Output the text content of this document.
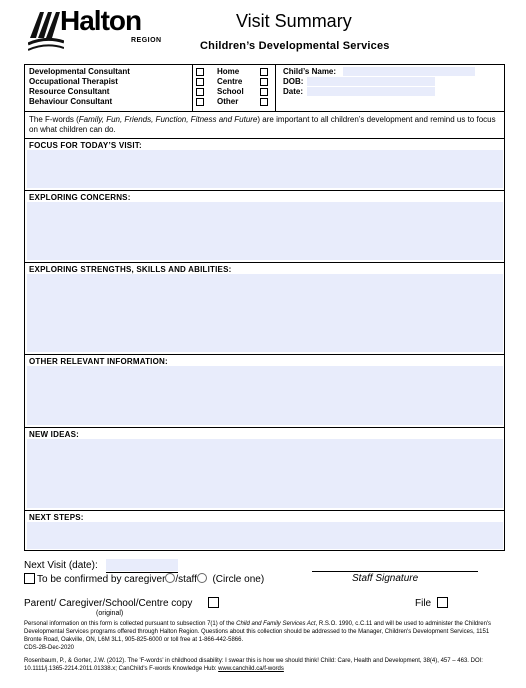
Halton
REGION
Visit Summary
Children’s Developmental Services
Developmental Consultant
Occupational Therapist
Resource Consultant
Behaviour Consultant
Home
Centre
School
Other
Child’s Name:
DOB:
Date:
The F-words (Family, Fun, Friends, Function, Fitness and Future) are important to all children’s development and remind us to focus on what children can do.
FOCUS FOR TODAY’S VISIT:
EXPLORING CONCERNS:
EXPLORING STRENGTHS, SKILLS AND ABILITIES:
OTHER RELEVANT INFORMATION:
NEW IDEAS:
NEXT STEPS:
Next Visit (date):
To be confirmed by caregiver /staff (Circle one)	Staff Signature
Parent/ Caregiver/School/Centre copy
(original)
File
Personal information on this form is collected pursuant to subsection 7(1) of the Child and Family Services Act, R.S.O. 1990, c.C.11 and will be used to administer the Children's Developmental Services programs offered through Halton Region. Questions about this collection should be addressed to the Manager, Children's Development Services, 1151 Bronte Road, Oakville, ON, L6M 3L1, 905-825-6000 or toll free at 1-866-442-5866.
CDS-2B-Dec-2020
Rosenbaum, P., & Gorter, J.W. (2012). The 'F-words' in childhood disability: I swear this is how we should think! Child: Care, Health and Development, 38(4), 457 – 463. DOI: 10.1111/j.1365-2214.2011.01338.x; CanChild's F-words Knowledge Hub: www.canchild.ca/f-words
